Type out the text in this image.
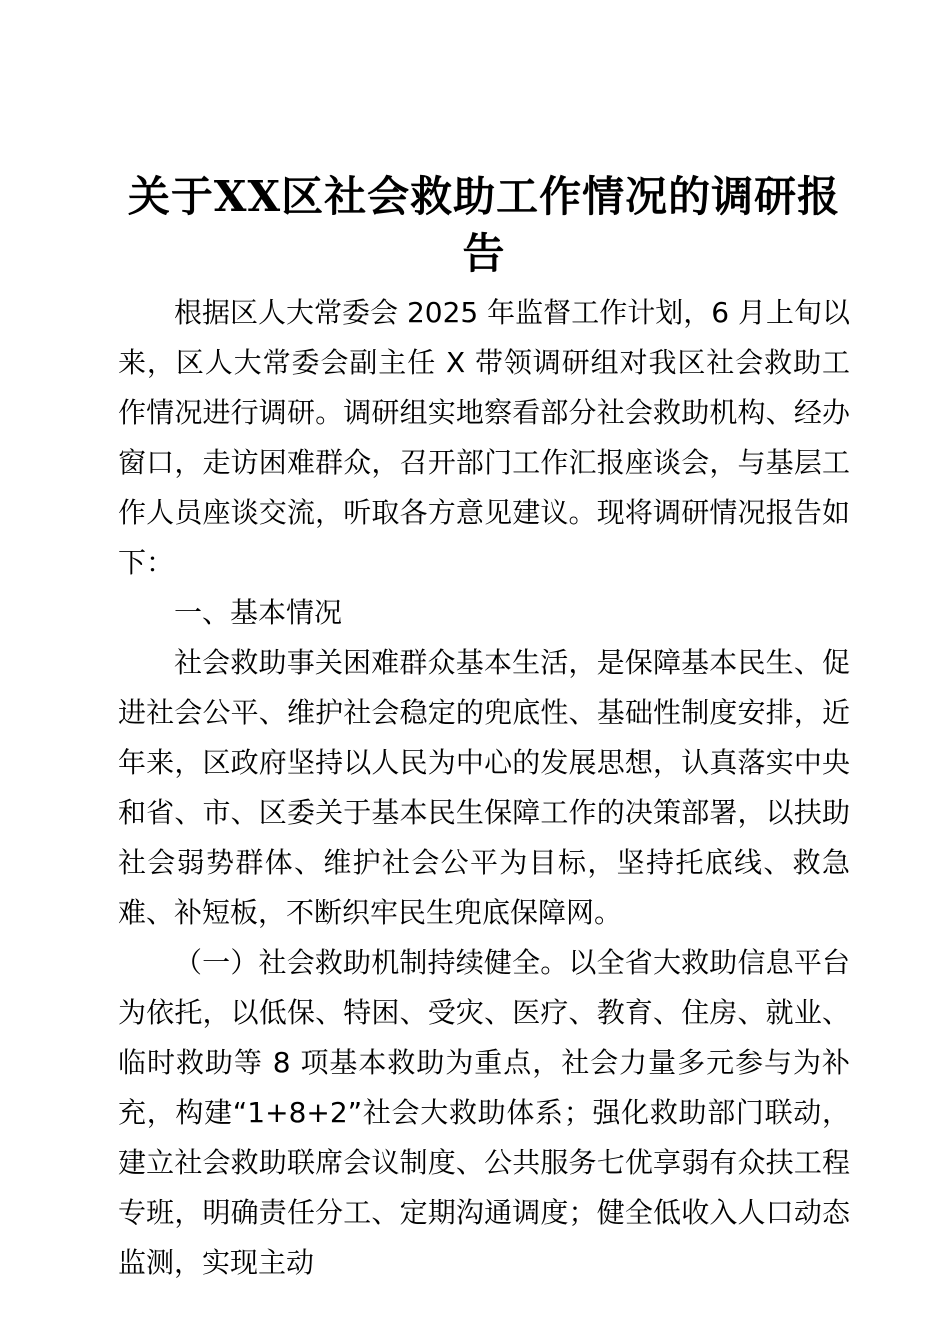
关于XX区社会救助工作情况的调研报告

根据区人大常委会 2025 年监督工作计划，6 月上旬以来，区人大常委会副主任 X 带领调研组对我区社会救助工作情况进行调研。调研组实地察看部分社会救助机构、经办窗口，走访困难群众，召开部门工作汇报座谈会，与基层工作人员座谈交流，听取各方意见建议。现将调研情况报告如下：

一、基本情况

社会救助事关困难群众基本生活，是保障基本民生、促进社会公平、维护社会稳定的兜底性、基础性制度安排，近年来，区政府坚持以人民为中心的发展思想，认真落实中央和省、市、区委关于基本民生保障工作的决策部署，以扶助社会弱势群体、维护社会公平为目标，坚持托底线、救急难、补短板，不断织牢民生兜底保障网。

（一）社会救助机制持续健全。以全省大救助信息平台为依托，以低保、特困、受灾、医疗、教育、住房、就业、临时救助等 8 项基本救助为重点，社会力量多元参与为补充，构建“1+8+2”社会大救助体系；强化救助部门联动，建立社会救助联席会议制度、公共服务七优享弱有众扶工程专班，明确责任分工、定期沟通调度；健全低收入人口动态监测，实现主动
